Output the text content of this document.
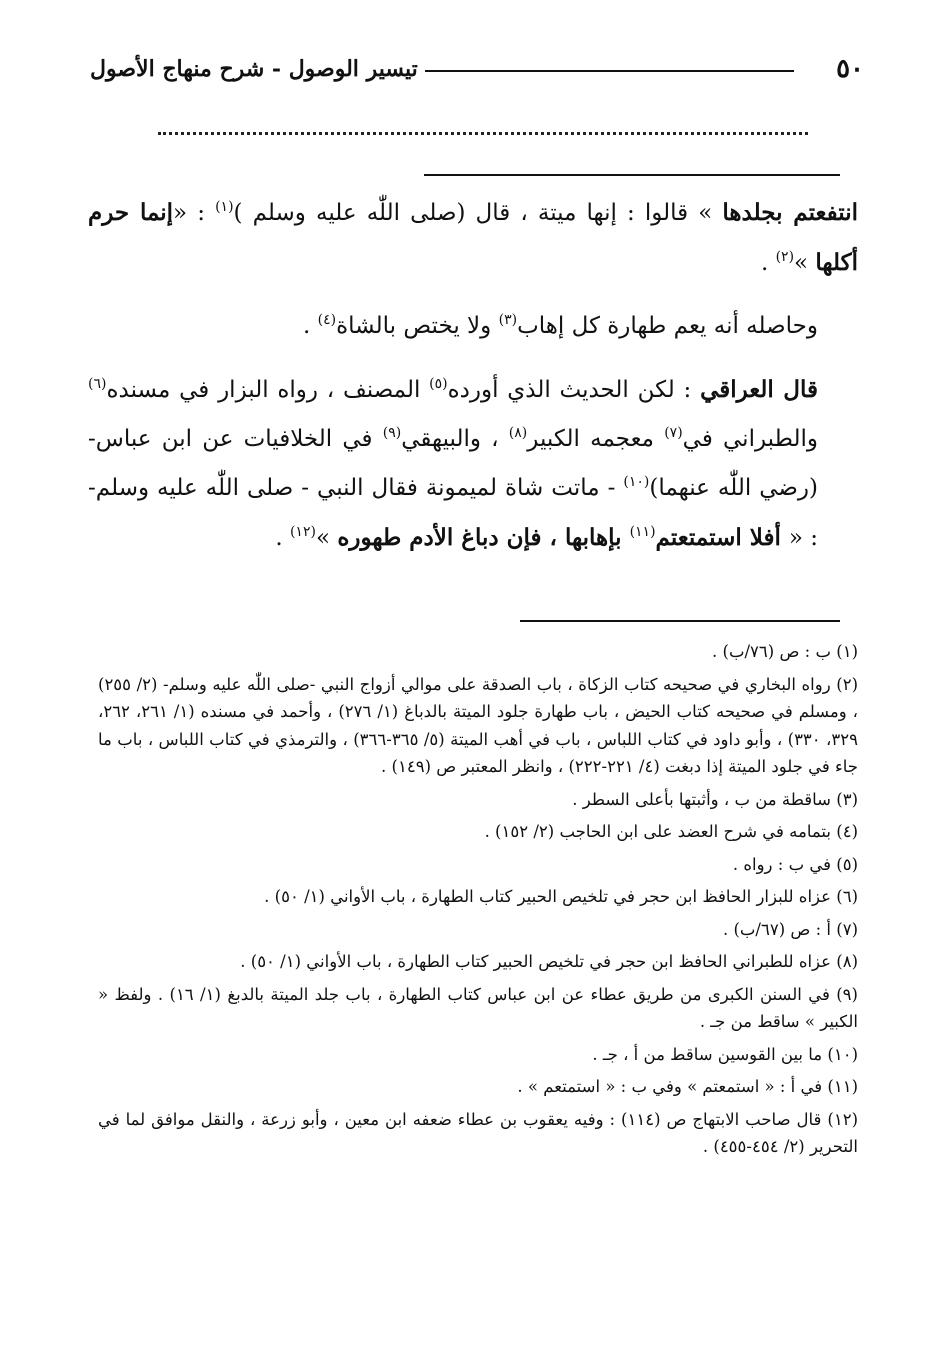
٥٠
تيسير الوصول - شرح منهاج الأصول

انتفعتم بجلدها » قالوا : إنها ميتة ، قال (صلى اللّٰه عليه وسلم )$^{(١)}$ : «إنما حرم أكلها »$^{(٢)}$ .

وحاصله أنه يعم طهارة كل إهاب$^{(٣)}$ ولا يختص بالشاة$^{(٤)}$ .

قال العراقي : لكن الحديث الذي أورده$^{(٥)}$ المصنف ، رواه البزار في مسنده$^{(٦)}$ والطبراني في$^{(٧)}$ معجمه الكبير$^{(٨)}$ ، والبيهقي$^{(٩)}$ في الخلافيات عن ابن عباس- (رضي اللّٰه عنهما)$^{(١٠)}$ - ماتت شاة لميمونة فقال النبي - صلى اللّٰه عليه وسلم- : « أفلا استمتعتم$^{(١١)}$ بإهابها ، فإن دباغ الأدم طهوره »$^{(١٢)}$ .

(١) ب : ص (٧٦/ب) .

(٢) رواه البخاري في صحيحه كتاب الزكاة ، باب الصدقة على موالي أزواج النبي -صلى اللّٰه عليه وسلم- (٢/ ٢٥٥) ، ومسلم في صحيحه كتاب الحيض ، باب طهارة جلود الميتة بالدباغ (١/ ٢٧٦) ، وأحمد في مسنده (١/ ٢٦١، ٢٦٢، ٣٢٩، ٣٣٠) ، وأبو داود في كتاب اللباس ، باب في أهب الميتة (٥/ ٣٦٥-٣٦٦) ، والترمذي في كتاب اللباس ، باب ما جاء في جلود الميتة إذا دبغت (٤/ ٢٢١-٢٢٢) ، وانظر المعتبر ص (١٤٩) .

(٣) ساقطة من ب ، وأثبتها بأعلى السطر .

(٤) بتمامه في شرح العضد على ابن الحاجب (٢/ ١٥٢) .

(٥) في ب : رواه .

(٦) عزاه للبزار الحافظ ابن حجر في تلخيص الحبير كتاب الطهارة ، باب الأواني (١/ ٥٠) .

(٧) أ : ص (٦٧/ب) .

(٨) عزاه للطبراني الحافظ ابن حجر في تلخيص الحبير كتاب الطهارة ، باب الأواني (١/ ٥٠) .

(٩) في السنن الكبرى من طريق عطاء عن ابن عباس كتاب الطهارة ، باب جلد الميتة بالدبغ (١/ ١٦) . ولفظ « الكبير » ساقط من جـ .

(١٠) ما بين القوسين ساقط من أ ، جـ .

(١١) في أ : « استمعتم » وفي ب : « استمتعم » .

(١٢) قال صاحب الابتهاج ص (١١٤) : وفيه يعقوب بن عطاء ضعفه ابن معين ، وأبو زرعة ، والنقل موافق لما في التحرير (٢/ ٤٥٤-٤٥٥) .
